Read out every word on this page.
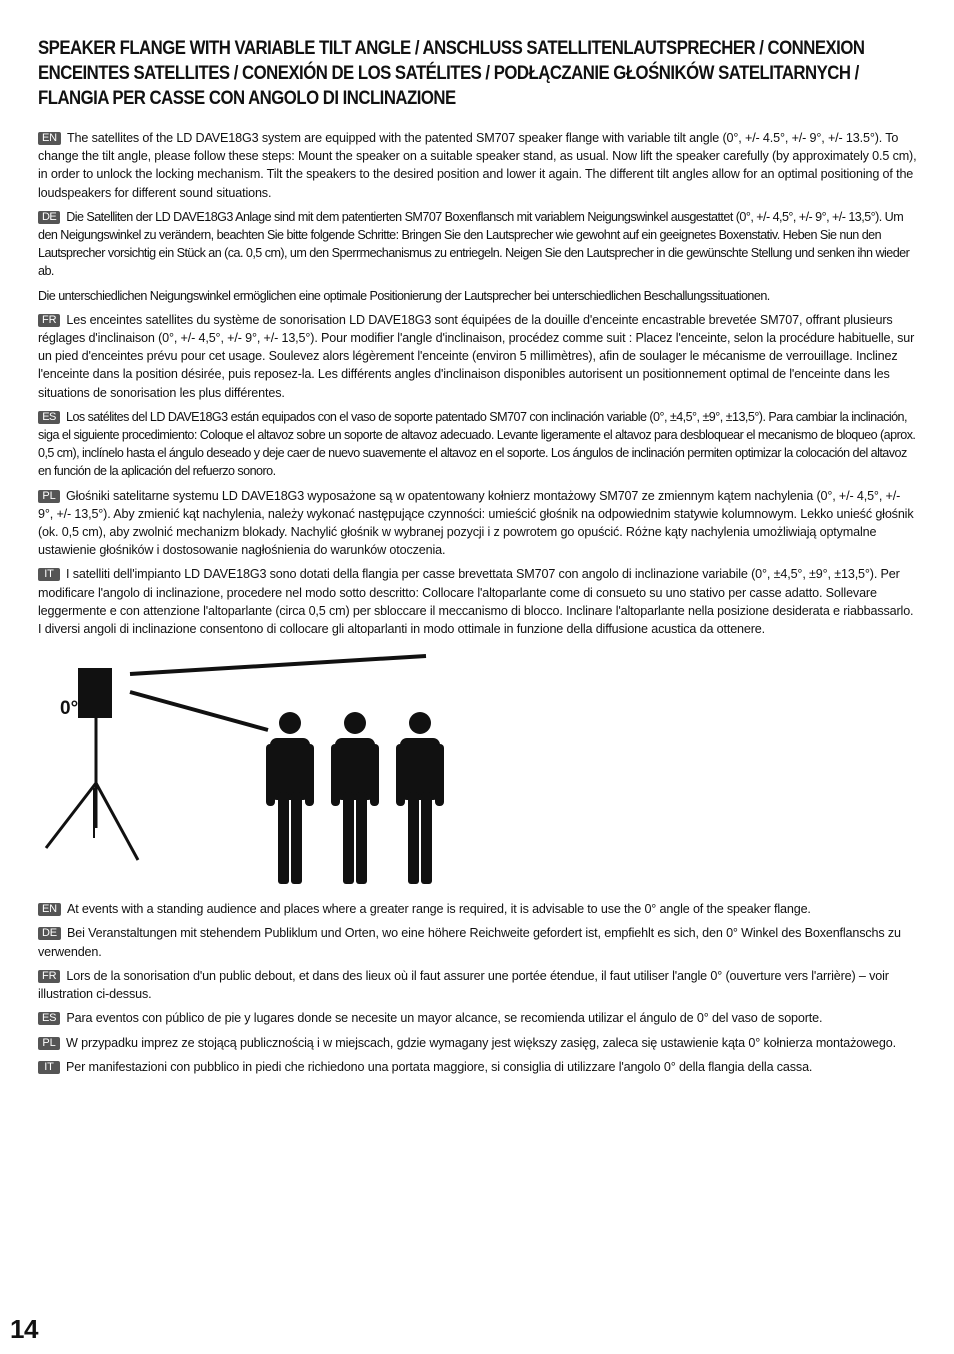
SPEAKER FLANGE WITH VARIABLE TILT ANGLE / ANSCHLUSS SATELLITENLAUTSPRECHER / CONNEXION ENCEINTES SATELLITES / CONEXIÓN DE LOS SATÉLITES / PODŁĄCZANIE GŁOŚNIKÓW SATELITARNYCH / FLANGIA PER CASSE CON ANGOLO DI INCLINAZIONE

EN The satellites of the LD DAVE18G3 system are equipped with the patented SM707 speaker flange with variable tilt angle (0°, +/- 4.5°, +/- 9°, +/- 13.5°). To change the tilt angle, please follow these steps: Mount the speaker on a suitable speaker stand, as usual. Now lift the speaker carefully (by approximately 0.5 cm), in order to unlock the locking mechanism. Tilt the speakers to the desired position and lower it again. The different tilt angles allow for an optimal positioning of the loudspeakers for different sound situations.

DE Die Satelliten der LD DAVE18G3 Anlage sind mit dem patentierten SM707 Boxenflansch mit variablem Neigungswinkel ausgestattet (0°, +/- 4,5°, +/- 9°, +/- 13,5°). Um den Neigungswinkel zu verändern, beachten Sie bitte folgende Schritte: Bringen Sie den Lautsprecher wie gewohnt auf ein geeignetes Boxenstativ. Heben Sie nun den Lautsprecher vorsichtig ein Stück an (ca. 0,5 cm), um den Sperrmechanismus zu entriegeln. Neigen Sie den Lautsprecher in die gewünschte Stellung und senken ihn wieder ab.

Die unterschiedlichen Neigungswinkel ermöglichen eine optimale Positionierung der Lautsprecher bei unterschiedlichen Beschallungssituationen.

FR Les enceintes satellites du système de sonorisation LD DAVE18G3 sont équipées de la douille d'enceinte encastrable brevetée SM707, offrant plusieurs réglages d'inclinaison (0°, +/- 4,5°, +/- 9°, +/- 13,5°). Pour modifier l'angle d'inclinaison, procédez comme suit : Placez l'enceinte, selon la procédure habituelle, sur un pied d'enceintes prévu pour cet usage. Soulevez alors légèrement l'enceinte (environ 5 millimètres), afin de soulager le mécanisme de verrouillage. Inclinez l'enceinte dans la position désirée, puis reposez-la. Les différents angles d'inclinaison disponibles autorisent un positionnement optimal de l'enceinte dans les situations de sonorisation les plus différentes.

ES Los satélites del LD DAVE18G3 están equipados con el vaso de soporte patentado SM707 con inclinación variable (0°, ±4,5°, ±9°, ±13,5°). Para cambiar la inclinación, siga el siguiente procedimiento: Coloque el altavoz sobre un soporte de altavoz adecuado. Levante ligeramente el altavoz para desbloquear el mecanismo de bloqueo (aprox. 0,5 cm), inclínelo hasta el ángulo deseado y deje caer de nuevo suavemente el altavoz en el soporte. Los ángulos de inclinación permiten optimizar la colocación del altavoz en función de la aplicación del refuerzo sonoro.

PL Głośniki satelitarne systemu LD DAVE18G3 wyposażone są w opatentowany kołnierz montażowy SM707 ze zmiennym kątem nachylenia (0°, +/- 4,5°, +/- 9°, +/- 13,5°). Aby zmienić kąt nachylenia, należy wykonać następujące czynności: umieścić głośnik na odpowiednim statywie kolumnowym. Lekko unieść głośnik (ok. 0,5 cm), aby zwolnić mechanizm blokady. Nachylić głośnik w wybranej pozycji i z powrotem go opuścić. Różne kąty nachylenia umożliwiają optymalne ustawienie głośników i dostosowanie nagłośnienia do warunków otoczenia.

IT I satelliti dell'impianto LD DAVE18G3 sono dotati della flangia per casse brevettata SM707 con angolo di inclinazione variabile (0°, ±4,5°, ±9°, ±13,5°). Per modificare l'angolo di inclinazione, procedere nel modo sotto descritto: Collocare l'altoparlante come di consueto su uno stativo per casse adatto. Sollevare leggermente e con attenzione l'altoparlante (circa 0,5 cm) per sbloccare il meccanismo di blocco. Inclinare l'altoparlante nella posizione desiderata e riabbassarlo. I diversi angoli di inclinazione consentono di collocare gli altoparlanti in modo ottimale in funzione della diffusione acustica da ottenere.

0°

EN At events with a standing audience and places where a greater range is required, it is advisable to use the 0° angle of the speaker flange.

DE Bei Veranstaltungen mit stehendem Publiklum und Orten, wo eine höhere Reichweite gefordert ist, empfiehlt es sich, den 0° Winkel des Boxenflanschs zu verwenden.

FR Lors de la sonorisation d'un public debout, et dans des lieux où il faut assurer une portée étendue, il faut utiliser l'angle 0° (ouverture vers l'arrière) – voir illustration ci-dessus.

ES Para eventos con público de pie y lugares donde se necesite un mayor alcance, se recomienda utilizar el ángulo de 0° del vaso de soporte.

PL W przypadku imprez ze stojącą publicznością i w miejscach, gdzie wymagany jest większy zasięg, zaleca się ustawienie kąta 0° kołnierza montażowego.

IT Per manifestazioni con pubblico in piedi che richiedono una portata maggiore, si consiglia di utilizzare l'angolo 0° della flangia della cassa.

14
